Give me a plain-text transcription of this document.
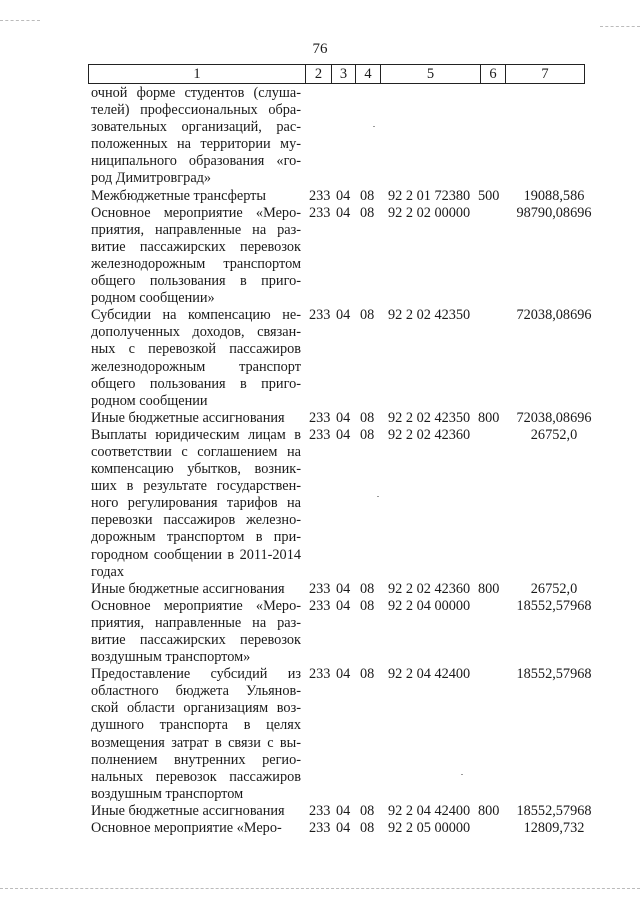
76
1	2	3	4	5	6	7
очной форме студентов (слуша-телей) профессиональных обра-зовательных организаций, рас-положенных на территории му-ниципального образования «го-род Димитровград»
Межбюджетные трансферты	233 04 08 92 2 01 72380 500	19088,586
Основное мероприятие «Меро-приятия, направленные на раз-витие пассажирских перевозок железнодорожным транспортом общего пользования в приго-родном сообщении»
233 04 08 92 2 02 00000	98790,08696
Субсидии на компенсацию не-дополученных доходов, связан-ных с перевозкой пассажиров железнодорожным транспорт общего пользования в приго-родном сообщении
233 04 08 92 2 02 42350	72038,08696
Иные бюджетные ассигнования	233 04 08 92 2 02 42350 800	72038,08696
Выплаты юридическим лицам в соответствии с соглашением на компенсацию убытков, возник-ших в результате государствен-ного регулирования тарифов на перевозки пассажиров железно-дорожным транспортом в при-городном сообщении в 2011-2014 годах
233 04 08 92 2 02 42360	26752,0
Иные бюджетные ассигнования	233 04 08 92 2 02 42360 800	26752,0
Основное мероприятие «Меро-приятия, направленные на раз-витие пассажирских перевозок воздушным транспортом»
233 04 08 92 2 04 00000	18552,57968
Предоставление субсидий из областного бюджета Ульянов-ской области организациям воз-душного транспорта в целях возмещения затрат в связи с вы-полнением внутренних регио-нальных перевозок пассажиров воздушным транспортом
233 04 08 92 2 04 42400	18552,57968
Иные бюджетные ассигнования	233 04 08 92 2 04 42400 800	18552,57968
Основное мероприятие «Меро-	233 04 08 92 2 05 00000	12809,732
